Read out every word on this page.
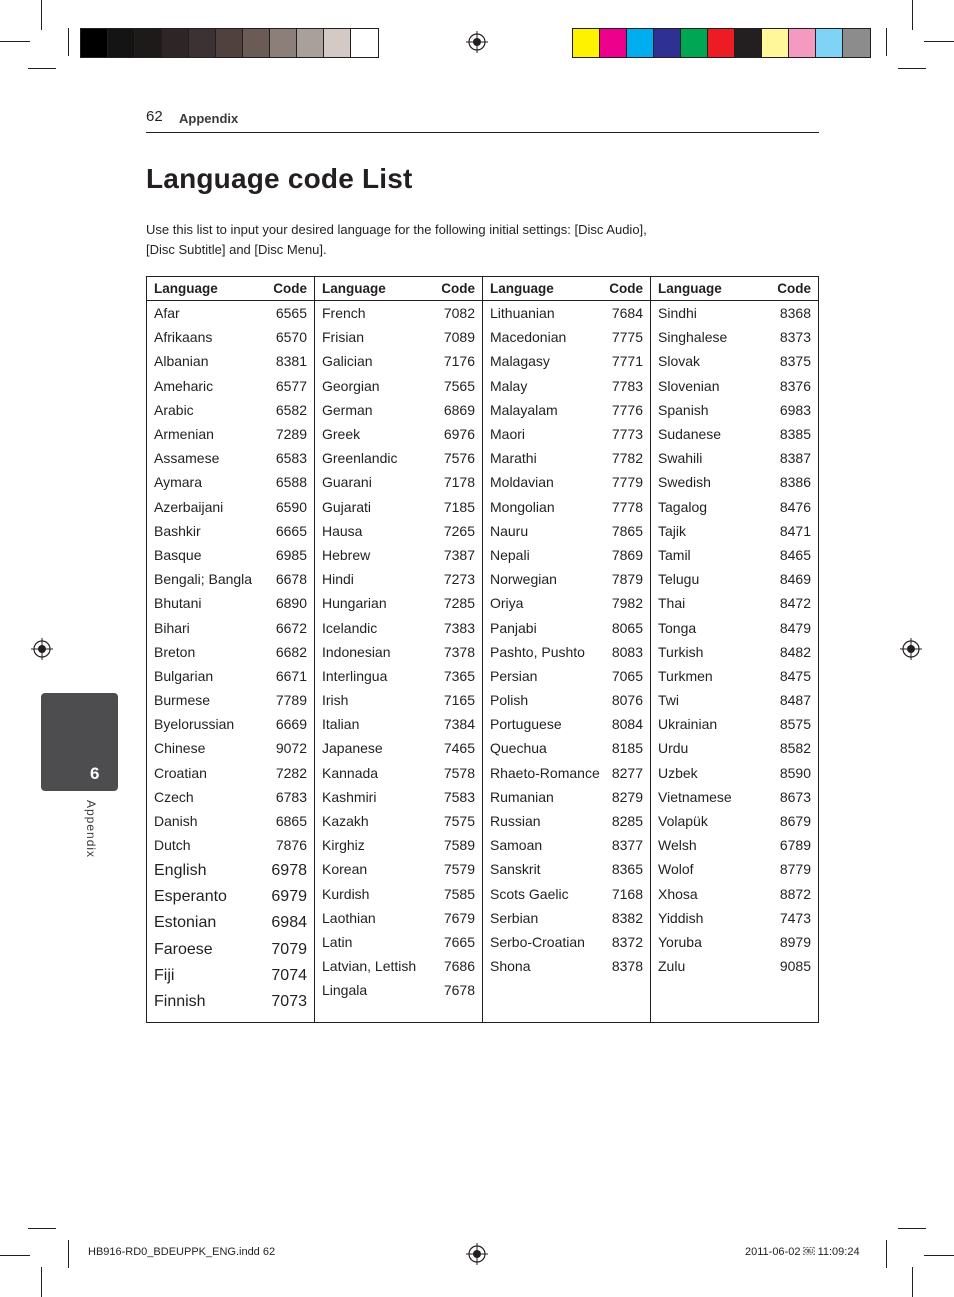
62 Appendix
Language code List
Use this list to input your desired language for the following initial settings: [Disc Audio],
[Disc Subtitle] and [Disc Menu].
Language	Code
Afar	6565
Afrikaans	6570
Albanian	8381
Ameharic	6577
Arabic	6582
Armenian	7289
Assamese	6583
Aymara	6588
Azerbaijani	6590
Bashkir	6665
Basque	6985
Bengali; Bangla 6678
Bhutani	6890
Bihari	6672
Breton	6682
Bulgarian	6671
Burmese	7789
Byelorussian	6669
Chinese	9072
Croatian	7282
Czech	6783
Danish	6865
Dutch	7876
English	6978
Esperanto	6979
Estonian	6984
Faroese	7079
Fiji	7074
Finnish	7073
Language	Code
French	7082
Frisian	7089
Galician	7176
Georgian	7565
German	6869
Greek	6976
Greenlandic	7576
Guarani	7178
Gujarati	7185
Hausa	7265
Hebrew	7387
Hindi	7273
Hungarian	7285
Icelandic	7383
Indonesian	7378
Interlingua	7365
Irish	7165
Italian	7384
Japanese	7465
Kannada	7578
Kashmiri	7583
Kazakh	7575
Kirghiz	7589
Korean	7579
Kurdish	7585
Laothian	7679
Latin	7665
Latvian, Lettish 7686
Lingala	7678
Language	Code
Lithuanian	7684
Macedonian	7775
Malagasy	7771
Malay	7783
Malayalam	7776
Maori	7773
Marathi	7782
Moldavian	7779
Mongolian	7778
Nauru	7865
Nepali	7869
Norwegian	7879
Oriya	7982
Panjabi	8065
Pashto, Pushto 8083
Persian	7065
Polish	8076
Portuguese	8084
Quechua	8185
Rhaeto-Romance 8277
Rumanian	8279
Russian	8285
Samoan	8377
Sanskrit	8365
Scots Gaelic	7168
Serbian	8382
Serbo-Croatian 8372
Shona	8378
Language	Code
Sindhi	8368
Singhalese	8373
Slovak	8375
Slovenian	8376
Spanish	6983
Sudanese	8385
Swahili	8387
Swedish	8386
Tagalog	8476
Tajik	8471
Tamil	8465
Telugu	8469
Thai	8472
Tonga	8479
Turkish	8482
Turkmen	8475
Twi	8487
Ukrainian	8575
Urdu	8582
Uzbek	8590
Vietnamese	8673
Volapük	8679
Welsh	6789
Wolof	8779
Xhosa	8872
Yiddish	7473
Yoruba	8979
Zulu	9085
6
Appendix
HB916-RD0_BDEUPPK_ENG.indd 62	2011-06-02 ￼ 11:09:24
